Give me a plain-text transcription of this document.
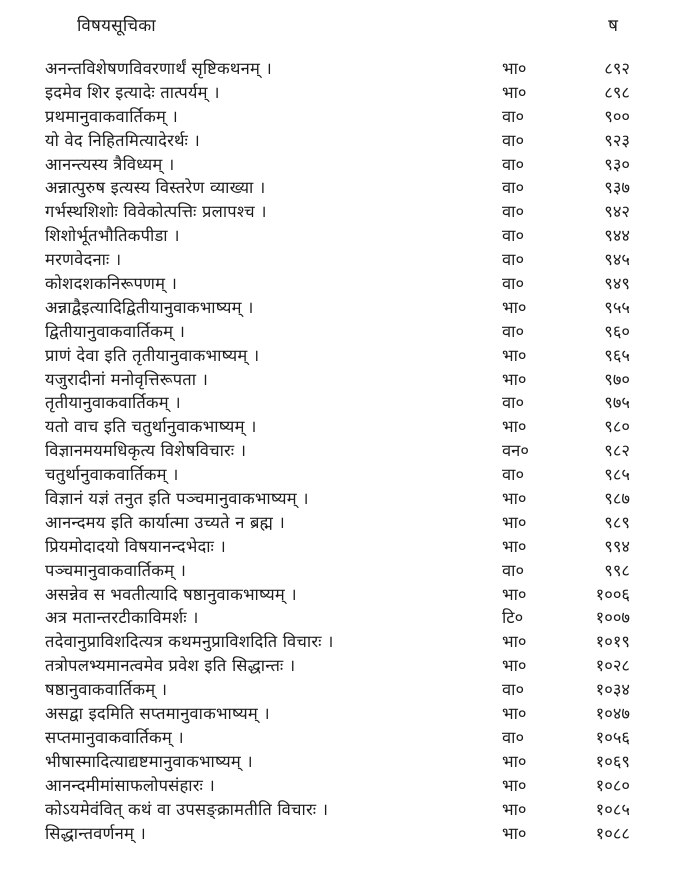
विषयसूचिका	ष
अनन्तविशेषणविवरणार्थं सृष्टिकथनम् ।	भा०	८९२
इदमेव शिर इत्यादेः तात्पर्यम् ।	भा०	८९८
प्रथमानुवाकवार्तिकम् ।	वा०	९००
यो वेद निहितमित्यादेरर्थः ।	वा०	९२३
आनन्त्यस्य त्रैविध्यम् ।	वा०	९३०
अन्नात्पुरुष इत्यस्य विस्तरेण व्याख्या ।	वा०	९३७
गर्भस्थशिशोः विवेकोत्पत्तिः प्रलापश्च ।	वा०	९४२
शिशोर्भूतभौतिकपीडा ।	वा०	९४४
मरणवेदनाः ।	वा०	९४५
कोशदशकनिरूपणम् ।	वा०	९४९
अन्नाद्वैइत्यादिद्वितीयानुवाकभाष्यम् ।	भा०	९५५
द्वितीयानुवाकवार्तिकम् ।	वा०	९६०
प्राणं देवा इति तृतीयानुवाकभाष्यम् ।	भा०	९६५
यजुरादीनां मनोवृत्तिरूपता ।	भा०	९७०
तृतीयानुवाकवार्तिकम् ।	वा०	९७५
यतो वाच इति चतुर्थानुवाकभाष्यम् ।	भा०	९८०
विज्ञानमयमधिकृत्य विशेषविचारः ।	वन०	९८२
चतुर्थानुवाकवार्तिकम् ।	वा०	९८५
विज्ञानं यज्ञं तनुत इति पञ्चमानुवाकभाष्यम् ।	भा०	९८७
आनन्दमय इति कार्यात्मा उच्यते न ब्रह्म ।	भा०	९८९
प्रियमोदादयो विषयानन्दभेदाः ।	भा०	९९४
पञ्चमानुवाकवार्तिकम् ।	वा०	९९८
असन्नेव स भवतीत्यादि षष्ठानुवाकभाष्यम् ।	भा०	१००६
अत्र मतान्तरटीकाविमर्शः ।	टि०	१००७
तदेवानुप्राविशदित्यत्र कथमनुप्राविशदिति विचारः ।	भा०	१०१९
तत्रोपलभ्यमानत्वमेव प्रवेश इति सिद्धान्तः ।	भा०	१०२८
षष्ठानुवाकवार्तिकम् ।	वा०	१०३४
असद्वा इदमिति सप्तमानुवाकभाष्यम् ।	भा०	१०४७
सप्तमानुवाकवार्तिकम् ।	वा०	१०५६
भीषास्मादित्याद्यष्टमानुवाकभाष्यम् ।	भा०	१०६९
आनन्दमीमांसाफलोपसंहारः ।	भा०	१०८०
कोऽयमेवंवित् कथं वा उपसङ्क्रामतीति विचारः ।	भा०	१०८५
सिद्धान्तवर्णनम् ।	भा०	१०८८
